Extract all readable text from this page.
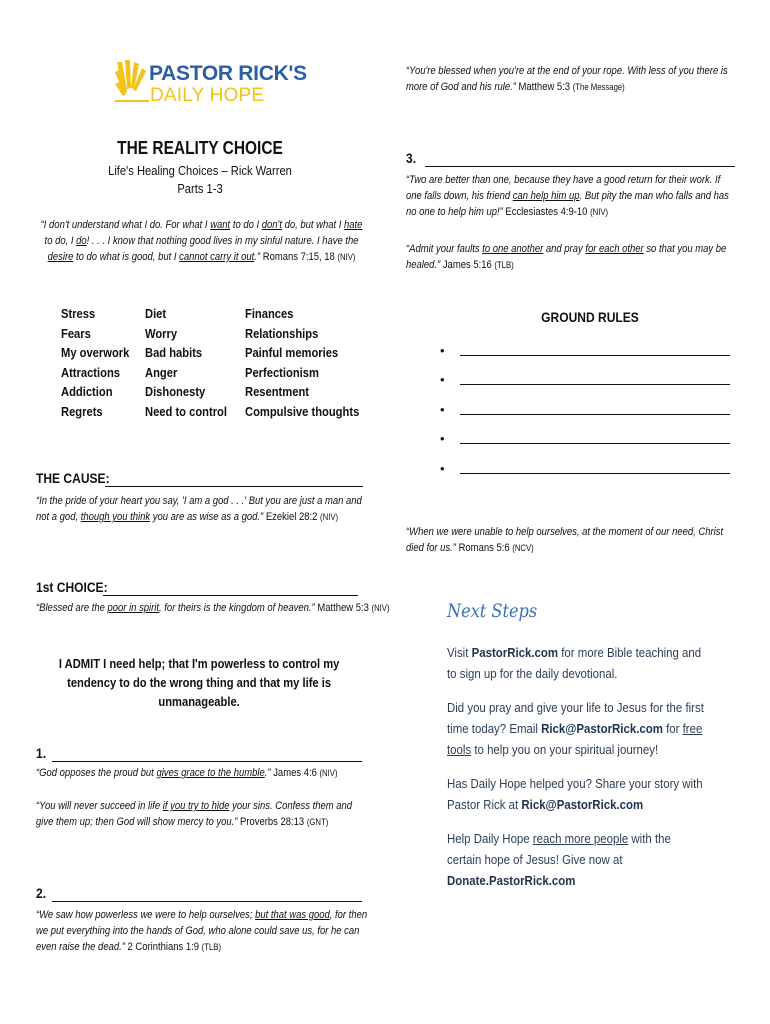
PASTOR RICK'S
DAILY HOPE
THE REALITY CHOICE
Life's Healing Choices – Rick Warren
Parts 1-3
“I don't understand what I do. For what I want to do I don't do, but what I hate to do, I do! . . . I know that nothing good lives in my sinful nature. I have the desire to do what is good, but I cannot carry it out.” Romans 7:15, 18 (NIV)
Stress
Fears
My overwork
Attractions
Addiction
Regrets
Diet
Worry
Bad habits
Anger
Dishonesty
Need to control
Finances
Relationships
Painful memories
Perfectionism
Resentment
Compulsive thoughts
THE CAUSE:
“In the pride of your heart you say, 'I am a god . . .' But you are just a man and not a god, though you think you are as wise as a god.” Ezekiel 28:2 (NIV)
1st CHOICE:
“Blessed are the poor in spirit, for theirs is the kingdom of heaven.” Matthew 5:3 (NIV)
I ADMIT I need help; that I'm powerless to control my tendency to do the wrong thing and that my life is unmanageable.
1.
“God opposes the proud but gives grace to the humble.” James 4:6 (NIV)
“You will never succeed in life if you try to hide your sins. Confess them and give them up; then God will show mercy to you.” Proverbs 28:13 (GNT)
2.
“We saw how powerless we were to help ourselves; but that was good, for then we put everything into the hands of God, who alone could save us, for he can even raise the dead.” 2 Corinthians 1:9 (TLB)
“You're blessed when you're at the end of your rope. With less of you there is more of God and his rule.” Matthew 5:3 (The Message)
3.
“Two are better than one, because they have a good return for their work. If one falls down, his friend can help him up. But pity the man who falls and has no one to help him up!” Ecclesiastes 4:9-10 (NIV)
“Admit your faults to one another and pray for each other so that you may be healed.” James 5:16 (TLB)
GROUND RULES
•
•
•
•
•
“When we were unable to help ourselves, at the moment of our need, Christ died for us.” Romans 5:6 (NCV)
Next Steps

Visit PastorRick.com for more Bible teaching and to sign up for the daily devotional.

Did you pray and give your life to Jesus for the first time today? Email Rick@PastorRick.com for free tools to help you on your spiritual journey!

Has Daily Hope helped you? Share your story with Pastor Rick at Rick@PastorRick.com

Help Daily Hope reach more people with the certain hope of Jesus! Give now at Donate.PastorRick.com
